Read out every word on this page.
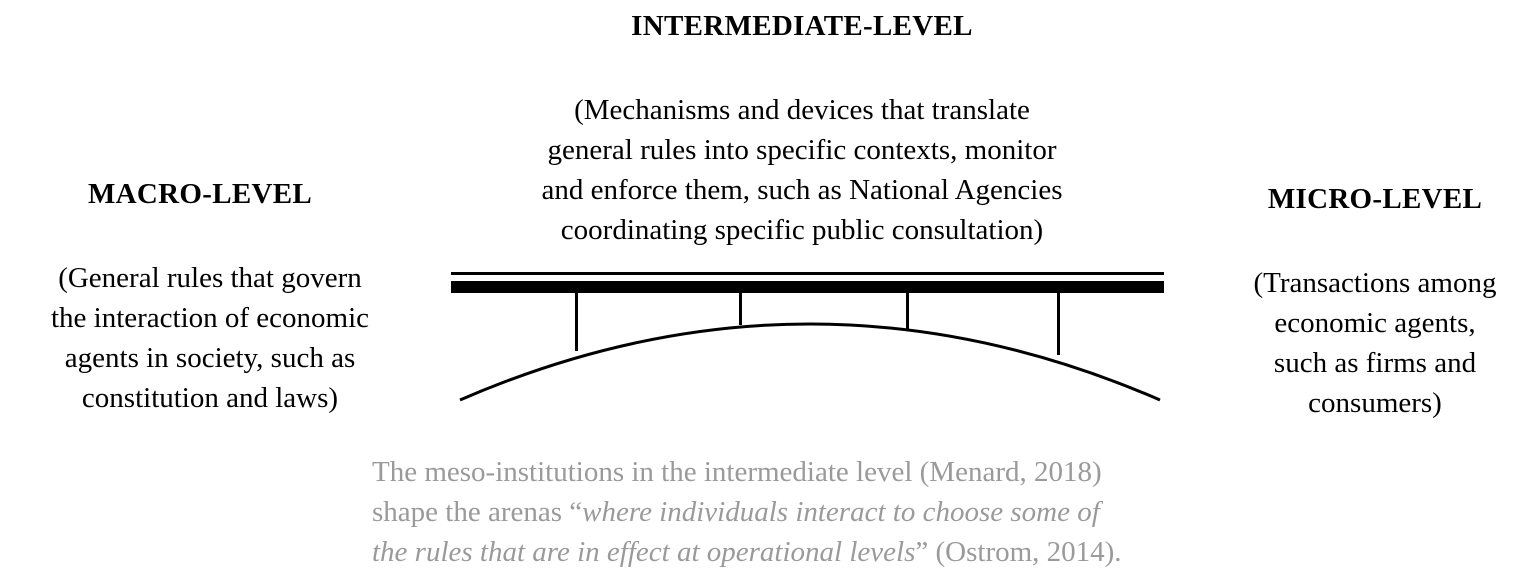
INTERMEDIATE-LEVEL
(Mechanisms and devices that translate
general rules into specific contexts, monitor
and enforce them, such as National Agencies
coordinating specific public consultation)
MACRO-LEVEL
(General rules that govern
the interaction of economic
agents in society, such as
constitution and laws)
MICRO-LEVEL
(Transactions among
economic agents,
such as firms and
consumers)
The meso-institutions in the intermediate level (Menard, 2018)
shape the arenas “where individuals interact to choose some of
the rules that are in effect at operational levels” (Ostrom, 2014).
